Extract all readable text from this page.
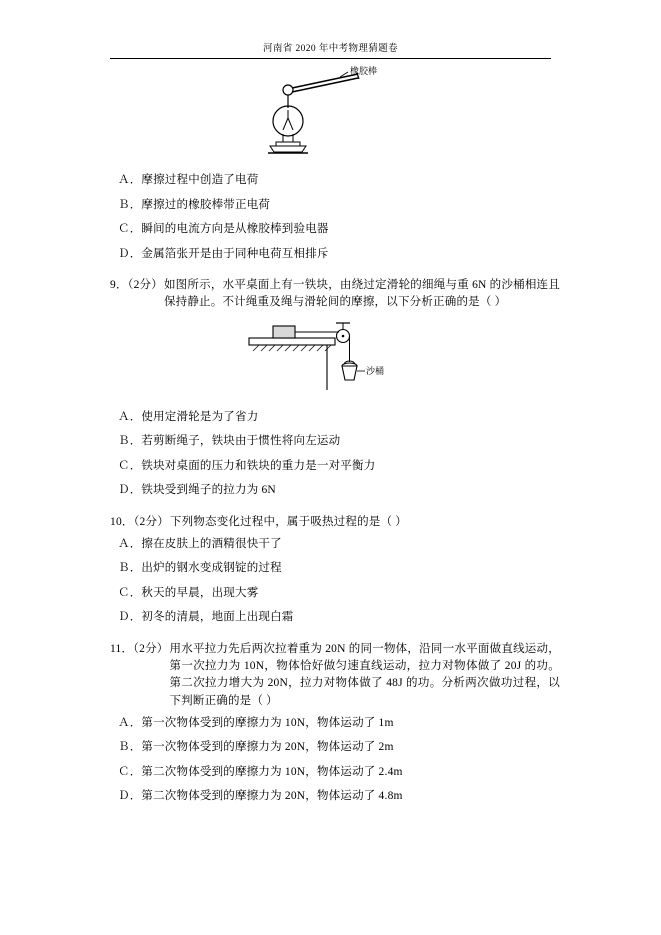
河南省 2020 年中考物理猜题卷
橡胶棒
Ａ．摩擦过程中创造了电荷
Ｂ．摩擦过的橡胶棒带正电荷
Ｃ．瞬间的电流方向是从橡胶棒到验电器
Ｄ．金属箔张开是由于同种电荷互相排斥
9．（2分） 如图所示，水平桌面上有一铁块，由绕过定滑轮的细绳与重 6N 的沙桶相连且保持静止。不计绳重及绳与滑轮间的摩擦，以下分析正确的是（ ）
沙桶
Ａ．使用定滑轮是为了省力
Ｂ．若剪断绳子，铁块由于惯性将向左运动
Ｃ．铁块对桌面的压力和铁块的重力是一对平衡力
Ｄ．铁块受到绳子的拉力为 6N
10．（2分） 下列物态变化过程中，属于吸热过程的是（ ）
Ａ．擦在皮肤上的酒精很快干了
Ｂ．出炉的钢水变成钢锭的过程
Ｃ．秋天的早晨，出现大雾
Ｄ．初冬的清晨，地面上出现白霜
11．（2分） 用水平拉力先后两次拉着重为 20N 的同一物体，沿同一水平面做直线运动，第一次拉力为 10N，物体恰好做匀速直线运动，拉力对物体做了 20J 的功。第二次拉力增大为 20N，拉力对物体做了 48J 的功。分析两次做功过程，以下判断正确的是（ ）
Ａ．第一次物体受到的摩擦力为 10N，物体运动了 1m
Ｂ．第一次物体受到的摩擦力为 20N，物体运动了 2m
Ｃ．第二次物体受到的摩擦力为 10N，物体运动了 2.4m
Ｄ．第二次物体受到的摩擦力为 20N，物体运动了 4.8m
